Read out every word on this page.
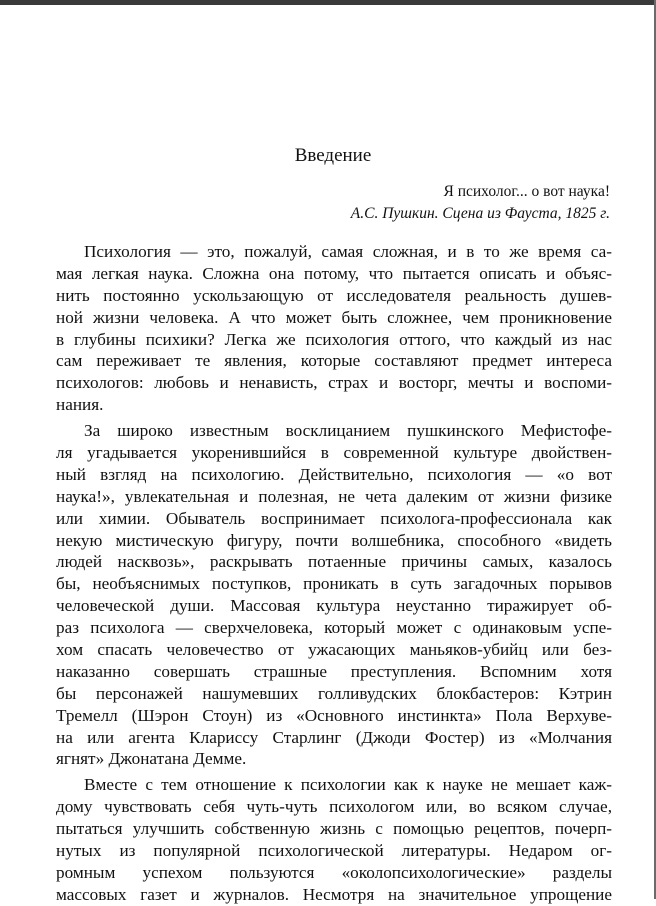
Введение
Я психолог... о вот наука!
А.С. Пушкин. Сцена из Фауста, 1825 г.
Психология — это, пожалуй, самая сложная, и в то же время са-
мая легкая наука. Сложна она потому, что пытается описать и объяс-
нить постоянно ускользающую от исследователя реальность душев-
ной жизни человека. А что может быть сложнее, чем проникновение
в глубины психики? Легка же психология оттого, что каждый из нас
сам переживает те явления, которые составляют предмет интереса
психологов: любовь и ненависть, страх и восторг, мечты и воспоми-
нания.
За широко известным восклицанием пушкинского Мефистофе-
ля угадывается укоренившийся в современной культуре двойствен-
ный взгляд на психологию. Действительно, психология — «о вот
наука!», увлекательная и полезная, не чета далеким от жизни физике
или химии. Обыватель воспринимает психолога-профессионала как
некую мистическую фигуру, почти волшебника, способного «видеть
людей насквозь», раскрывать потаенные причины самых, казалось
бы, необъяснимых поступков, проникать в суть загадочных порывов
человеческой души. Массовая культура неустанно тиражирует об-
раз психолога — сверхчеловека, который может с одинаковым успе-
хом спасать человечество от ужасающих маньяков-убийц или без-
наказанно совершать страшные преступления. Вспомним хотя
бы персонажей нашумевших голливудских блокбастеров: Кэтрин
Тремелл (Шэрон Стоун) из «Основного инстинкта» Пола Верхуве-
на или агента Клариссу Старлинг (Джоди Фостер) из «Молчания
ягнят» Джонатана Демме.
Вместе с тем отношение к психологии как к науке не мешает каж-
дому чувствовать себя чуть-чуть психологом или, во всяком случае,
пытаться улучшить собственную жизнь с помощью рецептов, почерп-
нутых из популярной психологической литературы. Недаром ог-
ромным успехом пользуются «околопсихологические» разделы
массовых газет и журналов. Несмотря на значительное упрощение
